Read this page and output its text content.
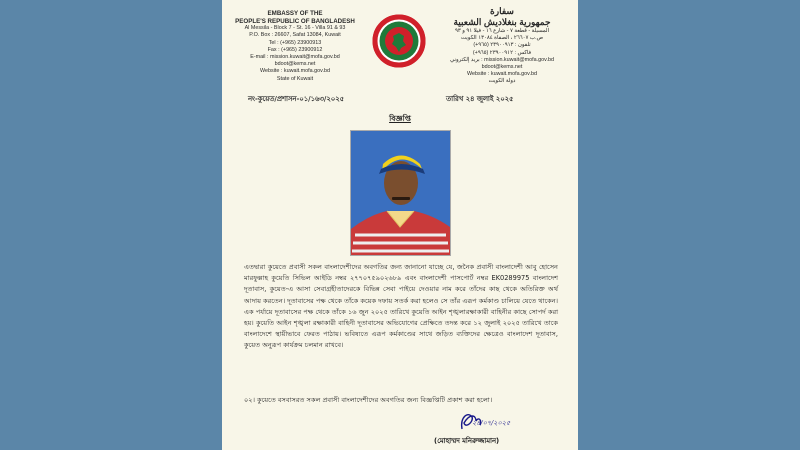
EMBASSY OF THE
PEOPLE'S REPUBLIC OF BANGLADESH
Al Messila - Block 7 - St. 16 - Villa 91 & 93
P.O. Box : 26607, Safat 13084, Kuwait
Tel : (+965) 23900913
Fax : (+965) 23900912
E-mail : mission.kuwait@mofa.gov.bd
bdoot@kems.net
Website : kuwait.mofa.gov.bd
State of Kuwait
سفارة
جمهورية بنغلاديش الشعبية
المسيلة - قطعة ٧ - شارع ١٦ - فيلا ٩١ و ٩٣
ص.ب ٢٦٦٠٧ ، الصفاة ١٣٠٨٤ الكويت
تلفون : ٢٣٩٠٠٩١٣ (٩٦٥+)
فاكس : ٢٣٩٠٠٩١٢ (٩٦٥+)
بريد إلكتروني : mission.kuwait@mofa.gov.bd
bdoot@kems.net
Website : kuwait.mofa.gov.bd
دولة الكويت
নং-কুয়েত/প্রশাসন-০১/১৬৩/২০২৫	তারিখ ২৪ জুলাই ২০২৫
বিজ্ঞপ্তি
এতদ্বারা কুয়েতে প্রবাসী সকল বাংলাদেশীদের অবগতির জন্য জানানো যাচ্ছে যে, জনৈক প্রবাসী বাংলাদেশী আবু হোসেন মারফুল্লাহ কুয়েতি সিভিল আইডি নম্বর ২৭৭০৭৫৯০২৬৮৯ এবং বাংলাদেশী পাসপোর্ট নম্বর EK0289975 বাংলাদেশ দূতাবাস, কুয়েত-এ আসা সেবাগ্রহীতাদেরকে বিভিন্ন সেবা পাইয়ে দেওয়ার নাম করে তাঁদের কাছ থেকে অতিরিক্ত অর্থ আদায় করতেন। দূতাবাসের পক্ষ থেকে তাঁকে কয়েক দফায় সতর্ক করা হলেও সে তাঁর এরূপ কর্মকাণ্ড চালিয়ে যেতে থাকেন। এক পর্যায়ে দূতাবাসের পক্ষ থেকে তাঁকে ১৬ জুন ২০২৫ তারিখে কুয়েতি আইন শৃঙ্খলারক্ষাকারী বাহিনীর কাছে সোপর্দ করা হয়। কুয়েতি আইন শৃঙ্খলা রক্ষাকারী বাহিনী দূতাবাসের অভিযোগের প্রেক্ষিতে তদন্ত করে ১২ জুলাই ২০২৫ তারিখে তাকে বাংলাদেশে স্থায়ীভাবে ফেরত পাঠায়। ভবিষ্যতে এরূপ কর্মকাণ্ডের সাথে জড়িত ব্যক্তিদের ক্ষেত্রেও বাংলাদেশ দূতাবাস, কুয়েত অনুরূপ কার্যক্রম চলমান রাখবে।
০২। কুয়েতে বসবাসরত সকল প্রবাসী বাংলাদেশীদের অবগতির জন্য বিজ্ঞপ্তিটি প্রকাশ করা হলো।
২৪/০৭/২০২৫
(মোহাম্মদ মনিরুজ্জামান)
